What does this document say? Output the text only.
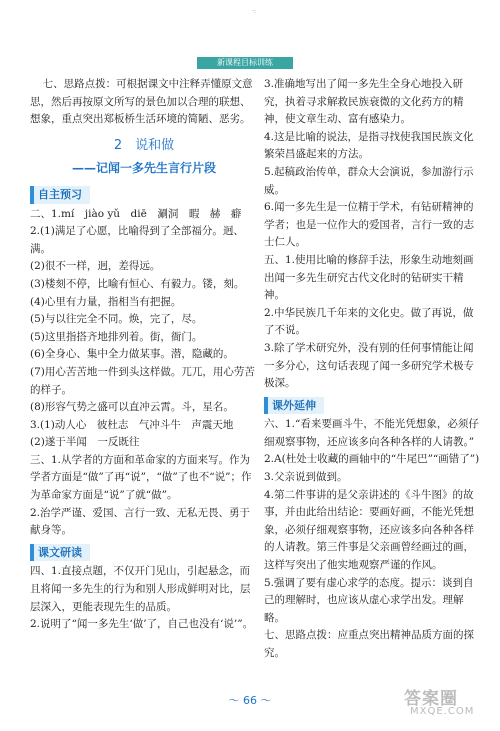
·:
新课程目标训练

七、思路点拨：可根据课文中注释弄懂原文意思，然后再按原文所写的景色加以合理的联想、想象，重点突出郑板桥生活环境的简陋、恶劣。

2　说和做
——记闻一多先生言行片段
自主预习

二、1.mí　jiào yǔ　diē　涮洞　暇　赫　癖

2.(1)满足了心愿，比喻得到了全部福分。迥、满。

(2)很不一样，迥，差得远。

(3)楼刻不停，比喻有恒心、有毅力。镂，刻。

(4)心里有力量，指相当有把握。

(5)与以往完全不同。焕，完了，尽。

(5)这里指搭齐地排列着。街，衙门。

(6)全身心、集中全力做某事。潜，隐藏的。

(7)用心苦苦地一件到头这样做。兀兀，用心劳苦的样子。

(8)形容气势之盛可以直冲云霄。斗，星名。

3.(1)动人心　彼杜志　气冲斗牛　声震天地

(2)遂于半闻　一反既往

三、1.从学者的方面和革命家的方面来写。作为学者方面是“做”了再“说”，“做”了也不“说”；作为革命家方面是“说”了就“做”。

2.治学严谨、爱国、言行一致、无私无畏、勇于献身等。

课文研读

四、1.直接点题，不仅开门见山，引起悬念，而且将闻一多先生的行为和别人形成鲜明对比，层层深入，更能表现先生的品质。

2.说明了“闻一多先生‘做’了，自己也没有‘说’”。

3.准确地写出了闻一多先生全身心地投入研究，执着寻求解救民族衰微的文化药方的精神，使文章生动、富有感染力。

4.这是比喻的说法，是指寻找使我国民族文化繁荣昌盛起来的方法。

5.起稿政治传单，群众大会演说，参加游行示威。

6.闻一多先生是一位精于学术，有钻研精神的学者；也是一位作大的爱国者，言行一致的志士仁人。

五、1.使用比喻的修辞手法，形象生动地刻画出闻一多先生研究古代文化时的钻研实干精神。

2.中华民族几千年来的文化史。做了再说，做了不说。

3.除了学术研究外，没有别的任何事情能让闻一多分心，这句话表现了闻一多研究学术极专极深。

课外延伸

六、1.“看来要画斗牛，不能光凭想象，必须仔细观察事物，还应该多向各种各样的人请教。”

2.A(杜处士收藏的画轴中的“牛尾巴”“画错了”)

3.父亲说到做到。

4.第二件事讲的是父亲讲述的《斗牛图》的故事，并由此给出结论：要画好画，不能光凭想象，必须仔细观察事物，还应该多向各种各样的人请教。第三件事是父亲画曾经画过的画，这样写突出了他实地观察严谨的作风。

5.强调了要有虚心求学的态度。提示：谈到自己的理解时，也应该从虚心求学出发。理解略。

七、思路点拨：应重点突出精神品质方面的探究。

～ 66 ～	答案圈
MXQE.COM
